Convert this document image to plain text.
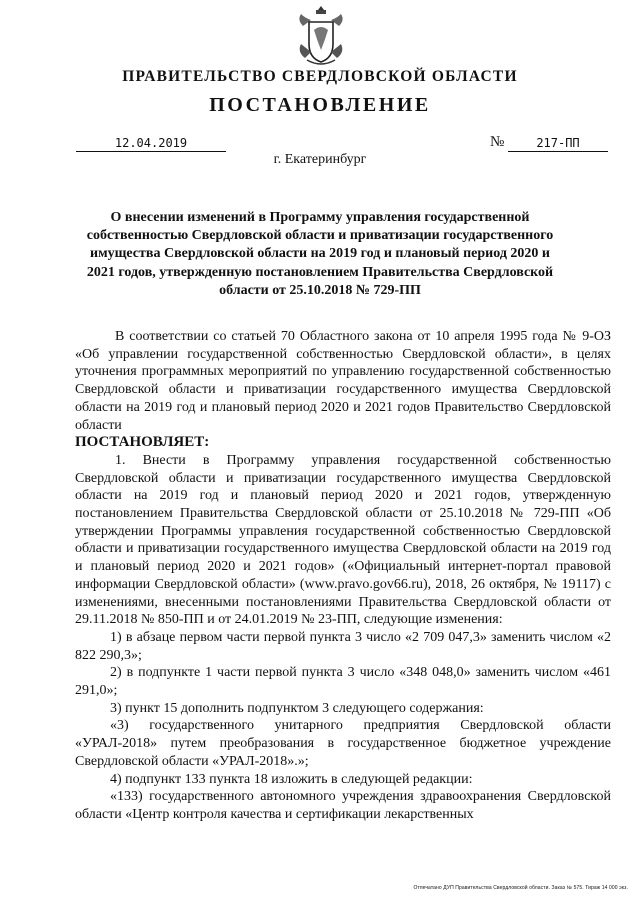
ПРАВИТЕЛЬСТВО СВЕРДЛОВСКОЙ ОБЛАСТИ
ПОСТАНОВЛЕНИЕ
12.04.2019	№	217-ПП
г. Екатеринбург
О внесении изменений в Программу управления государственной собственностью Свердловской области и приватизации государственного имущества Свердловской области на 2019 год и плановый период 2020 и 2021 годов, утвержденную постановлением Правительства Свердловской области от 25.10.2018 № 729-ПП

В соответствии со статьей 70 Областного закона от 10 апреля 1995 года № 9-ОЗ «Об управлении государственной собственностью Свердловской области», в целях уточнения программных мероприятий по управлению государственной собственностью Свердловской области и приватизации государственного имущества Свердловской области на 2019 год и плановый период 2020 и 2021 годов Правительство Свердловской области

ПОСТАНОВЛЯЕТ:

1. Внести в Программу управления государственной собственностью Свердловской области и приватизации государственного имущества Свердловской области на 2019 год и плановый период 2020 и 2021 годов, утвержденную постановлением Правительства Свердловской области от 25.10.2018 № 729-ПП «Об утверждении Программы управления государственной собственностью Свердловской области и приватизации государственного имущества Свердловской области на 2019 год и плановый период 2020 и 2021 годов» («Официальный интернет-портал правовой информации Свердловской области» (www.pravo.gov66.ru), 2018, 26 октября, № 19117) с изменениями, внесенными постановлениями Правительства Свердловской области от 29.11.2018 № 850-ПП и от 24.01.2019 № 23-ПП, следующие изменения:

1) в абзаце первом части первой пункта 3 число «2 709 047,3» заменить числом «2 822 290,3»;

2) в подпункте 1 части первой пункта 3 число «348 048,0» заменить числом «461 291,0»;

3) пункт 15 дополнить подпунктом 3 следующего содержания:

«3) государственного унитарного предприятия Свердловской области «УРАЛ-2018» путем преобразования в государственное бюджетное учреждение Свердловской области «УРАЛ-2018».»;

4) подпункт 133 пункта 18 изложить в следующей редакции:

«133) государственного автономного учреждения здравоохранения Свердловской области «Центр контроля качества и сертификации лекарственных

Отпечатано ДУП Правительства Свердловской области. Заказ № 575. Тираж 14 000 экз.
